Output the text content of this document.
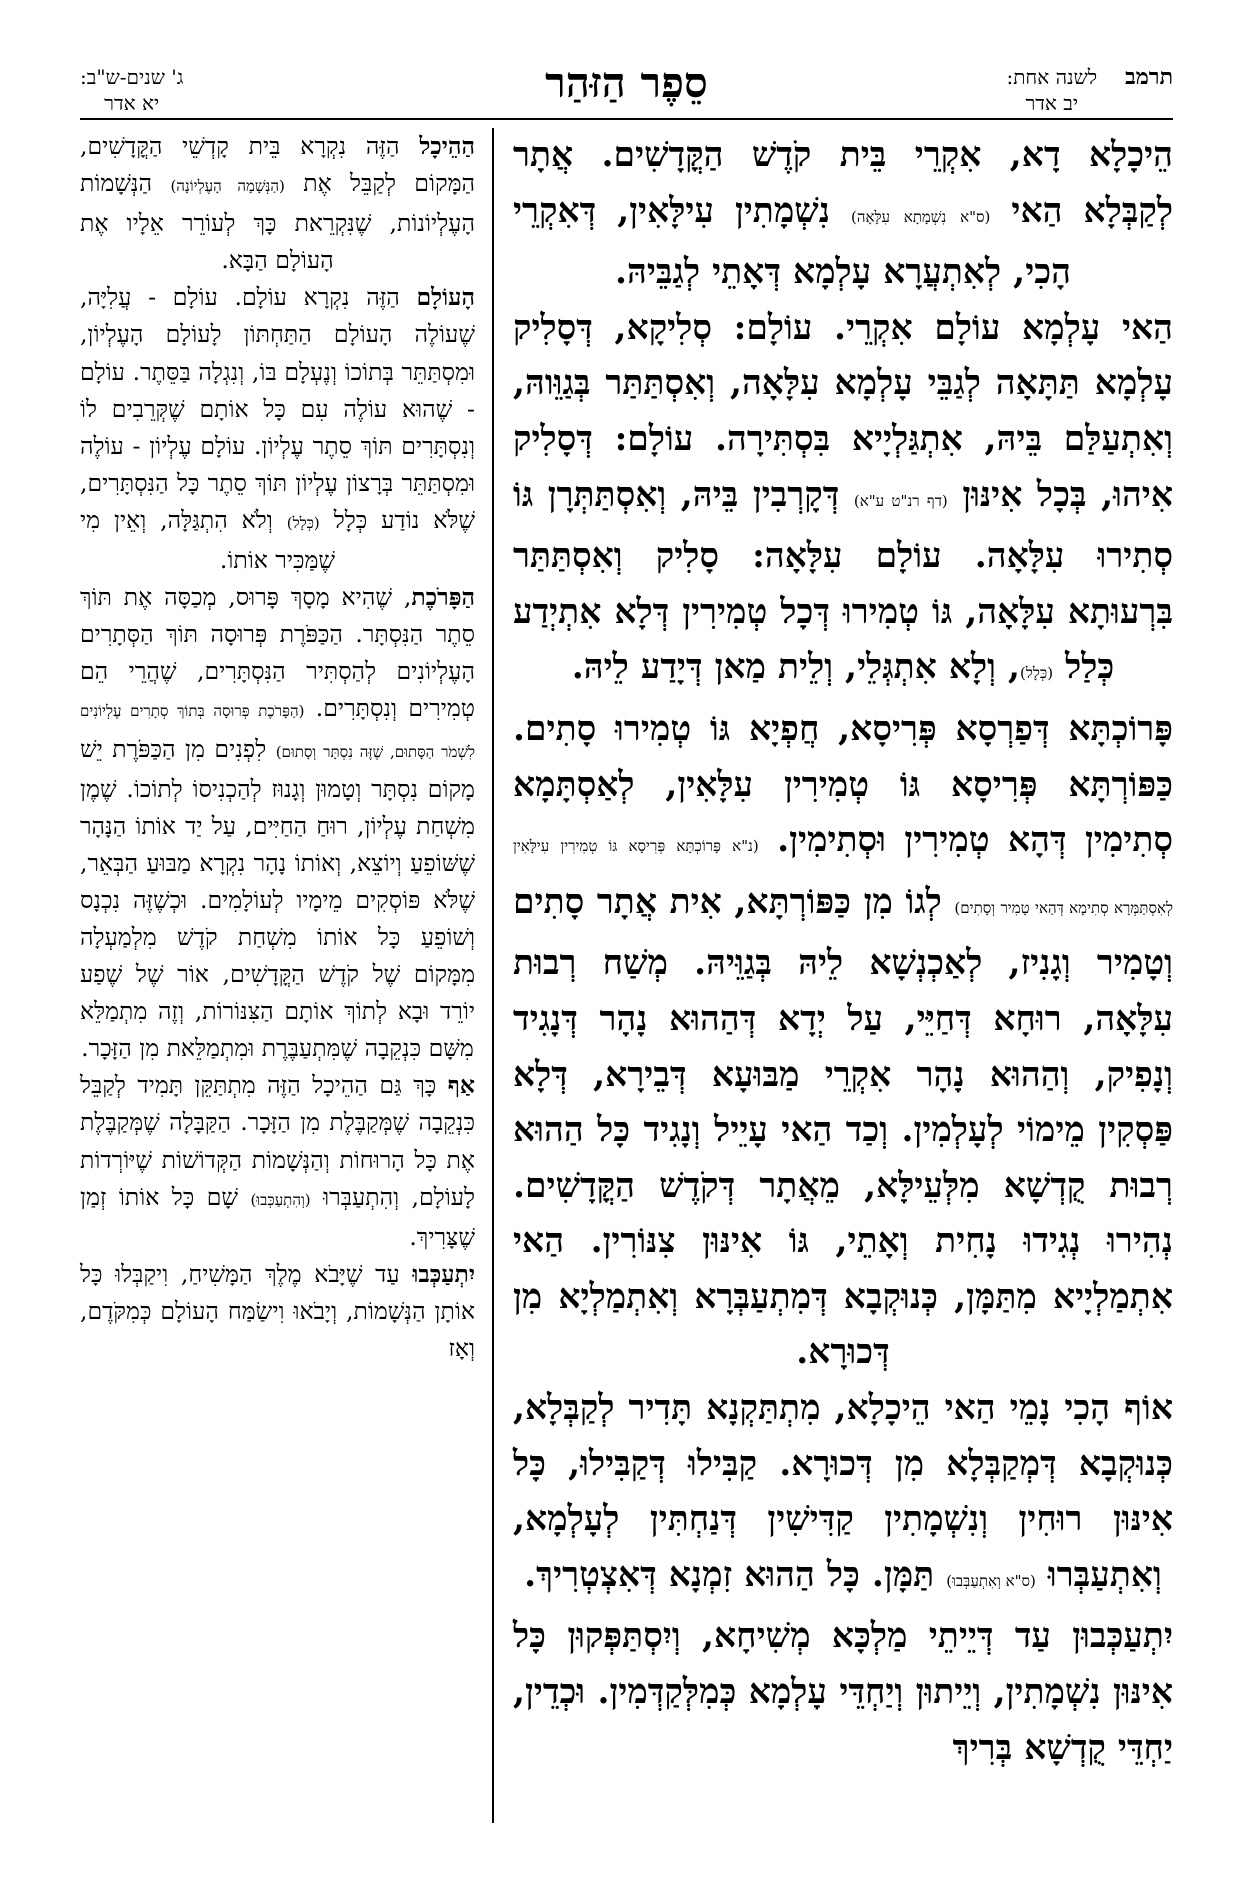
תרמב
לשנה אחת:
יב אדר
סֵפֶר הַזּהַר
ג' שנים-ש"ב:
יא אדר

הֵיכָלָא דָא, אִקְרֵי בֵּית קֹדֶשׁ הַקֳּדָשִׁים. אֲתָר לְקַבְּלָא הַאי (ס"א נִשְׁמָתָא עִלָּאָה) נִשְׁמָתִין עִילָּאִין, דְּאִקְרֵי הָכִי, לְאִתְעֲרָא עָלְמָא דְּאָתֵי לְגַבֵּיהּ.

הַאי עָלְמָא עוֹלָם אִקְרֵי. עוֹלָם: סְלִיקָא, דְּסָלִיק עָלְמָא תַּתָּאָה לְגַבֵּי עָלְמָא עִלָּאָה, וְאִסְתַּתַּר בְּגַוֵּוהּ, וְאִתְעַלַּם בֵּיהּ, אִתְגַּלְיָיא בִּסְתִּירָה. עוֹלָם: דְּסָלִיק אִיהוּ, בְּכָל אִינּוּן (דף רנ"ט ע"א) דְּקָרְבִין בֵּיהּ, וְאִסְתַּתְּרָן גּוֹ סְתִירוּ עִלָּאָה. עוֹלָם עִלָּאָה: סָלִיק וְאִסְתַּתַּר בִּרְעוּתָא עִלָּאָה, גּוֹ טְמִירוּ דְּכָל טְמִירִין דְּלָא אִתְיְדַע כְּלַל (כְּלָל), וְלָא אִתְגְּלֵי, וְלֵית מַאן דְּיָדַע לֵיהּ.

פָּרוֹכְתָּא דְּפַרְסָא פְּרִיסָא, חֲפְיָא גּוֹ טְמִירוּ סָתִים. כַּפּוֹרְתָּא פְּרִיסָא גּוֹ טְמִירִין עִלָּאִין, לְאַסְתָּמָא סְתִימִין דְּהָא טְמִירִין וּסְתִימִין. (נ"א פָּרוֹכְתָּא פְּרִיסָא גּוֹ טְמִירִין עִילָּאִין לְאִסְתַּמְּרָא סְתִימָא דְּהַאי טָמִיר וְסָתִים) לְגוֹ מִן כַּפּוֹרְתָּא, אִית אֲתָר סָתִים וְטָמִיר וְגָנִיז, לְאַכְנְשָׁא לֵיהּ בְּגַוֵּיהּ. מְשַׁח רְבוּת עִלָּאָה, רוּחָא דְּחַיֵּי, עַל יְדָא דְּהַהוּא נָהָר דְּנָגִיד וְנָפִיק, וְהַהוּא נָהָר אִקְרֵי מַבּוּעָא דְּבֵירָא, דְּלָא פַּסְקִין מֵימוֹי לְעָלְמִין. וְכַד הַאי עָיֵיל וְנָגִיד כָּל הַהוּא רְבוּת קֻדְשָׁא מִלְּעֵילָּא, מֵאֲתָר דְּקֹדֶשׁ הַקֳּדָשִׁים. נְהִירוּ נְגִידוּ נָחִית וְאָתֵי, גּוֹ אִינּוּן צִנּוֹרִין. הַאי אִתְמַלְיָיא מִתַּמָּן, כְּנוּקְבָא דְּמִתְעַבְּרָא וְאִתְמַלְיָא מִן דְּכוּרָא.

אוֹף הָכִי נָמֵי הַאי הֵיכָלָא, מִתְתַּקְנָא תָּדִיר לְקַבְּלָא, כְּנוּקְבָא דְּמְקַבְּלָא מִן דְּכוּרָא. קַבִּילוּ דְּקַבִּילוּ, כָּל אִינּוּן רוּחִין וְנִשְׁמָתִין קַדִּישִׁין דְּנַחְתִּין לְעָלְמָא, וְאִתְעַבְּרוּ (ס"א וְאִתְעַבְּבוּ) תַּמָּן. כָּל הַהוּא זִמְנָא דְּאִצְטְרִיךְ.

יִתְעַכְּבוּן עַד דְּיֵיתֵי מַלְכָּא מְשִׁיחָא, וְיִסְתַּפְּקוּן כָּל אִינּוּן נִשְׁמָתִין, וְיֵיתוּן וְיַחְדֵּי עָלְמָא כְּמִלְּקַדְּמִין. וּכְדֵין, יַחְדֵּי קֻדְשָׁא בְּרִיךְ

הַהֵיכָל הַזֶּה נִקְרָא בֵּית קָדְשֵׁי הַקֳּדָשִׁים, הַמָּקוֹם לְקַבֵּל אֶת (הַנְּשָׁמָה הָעֶלְיוֹנָה) הַנְּשָׁמוֹת הָעֶלְיוֹנוֹת, שֶׁנִּקְרֵאת כָּךְ לְעוֹרֵר אֵלָיו אֶת הָעוֹלָם הַבָּא.

הָעוֹלָם הַזֶּה נִקְרָא עוֹלָם. עוֹלָם - עֲלִיָּה, שֶׁעוֹלֶה הָעוֹלָם הַתַּחְתּוֹן לָעוֹלָם הָעֶלְיוֹן, וּמִסְתַּתֵּר בְּתוֹכוֹ וְנֶעְלָם בּוֹ, וְנִגְלָה בַּסֵּתֶר. עוֹלָם - שֶׁהוּא עוֹלֶה עִם כָּל אוֹתָם שֶׁקְּרֵבִים לוֹ וְנִסְתָּרִים תּוֹךְ סֵתֶר עֶלְיוֹן. עוֹלָם עֶלְיוֹן - עוֹלֶה וּמִסְתַּתֵּר בְּרָצוֹן עֶלְיוֹן תּוֹךְ סֵתֶר כָּל הַנִּסְתָּרִים, שֶׁלֹּא נוֹדַע כְּלָל (כְּלָל) וְלֹא הִתְגַּלָּה, וְאֵין מִי שֶׁמַּכִּיר אוֹתוֹ.

הַפָּרֹכֶת, שֶׁהִיא מָסָךְ פָּרוּס, מְכַסָּה אֶת תּוֹךְ סֵתֶר הַנִּסְתָּר. הַכַּפֹּרֶת פְּרוּסָה תּוֹךְ הַסְּתָרִים הָעֶלְיוֹנִים לְהַסְתִּיר הַנִּסְתָּרִים, שֶׁהֲרֵי הֵם טְמִירִים וְנִסְתָּרִים. (הַפָּרֹכֶת פְּרוּסָה בְּתוֹךְ סְתָרִים עֶלְיוֹנִים לִשְׁמֹר הַסָּתוּם, שֶׁזֶּה נִסְתָּר וְסָתוּם) לִפְנִים מִן הַכַּפֹּרֶת יֵשׁ מָקוֹם נִסְתָּר וְטָמוּן וְגָנוּז לְהַכְנִיסוֹ לְתוֹכוֹ. שֶׁמֶן מִשְׁחַת עֶלְיוֹן, רוּחַ הַחַיִּים, עַל יַד אוֹתוֹ הַנָּהָר שֶׁשּׁוֹפֵעַ וְיוֹצֵא, וְאוֹתוֹ נָהָר נִקְרָא מַבּוּעַ הַבְּאֵר, שֶׁלֹּא פּוֹסְקִים מֵימָיו לְעוֹלָמִים. וּכְשֶׁזֶּה נִכְנָס וְשׁוֹפֵעַ כָּל אוֹתוֹ מִשְׁחַת קֹדֶשׁ מִלְמַעְלָה מִמָּקוֹם שֶׁל קֹדֶשׁ הַקֳּדָשִׁים, אוֹר שֶׁל שֶׁפַע יוֹרֵד וּבָא לְתוֹךְ אוֹתָם הַצִּנּוֹרוֹת, וְזֶה מִתְמַלֵּא מִשָּׁם כִּנְקֵבָה שֶׁמִּתְעַבֶּרֶת וּמִתְמַלֵּאת מִן הַזָּכָר.

אַף כָּךְ גַּם הַהֵיכָל הַזֶּה מִתְתַּקֵּן תָּמִיד לְקַבֵּל כִּנְקֵבָה שֶׁמְּקַבֶּלֶת מִן הַזָּכָר. הַקַּבָּלָה שֶׁמְּקַבֶּלֶת אֶת כָּל הָרוּחוֹת וְהַנְּשָׁמוֹת הַקְּדוֹשׁוֹת שֶׁיּוֹרְדוֹת לָעוֹלָם, וְהִתְעַבְּרוּ (וְהִתְעַכְּבוּ) שָׁם כָּל אוֹתוֹ זְמַן שֶׁצָּרִיךְ.

יִתְעַכְּבוּ עַד שֶׁיָּבֹא מֶלֶךְ הַמָּשִׁיחַ, וִיקַבְּלוּ כָּל אוֹתָן הַנְּשָׁמוֹת, וְיָבֹאוּ וִישַׂמַּח הָעוֹלָם כְּמִקֹּדֶם, וְאָז
